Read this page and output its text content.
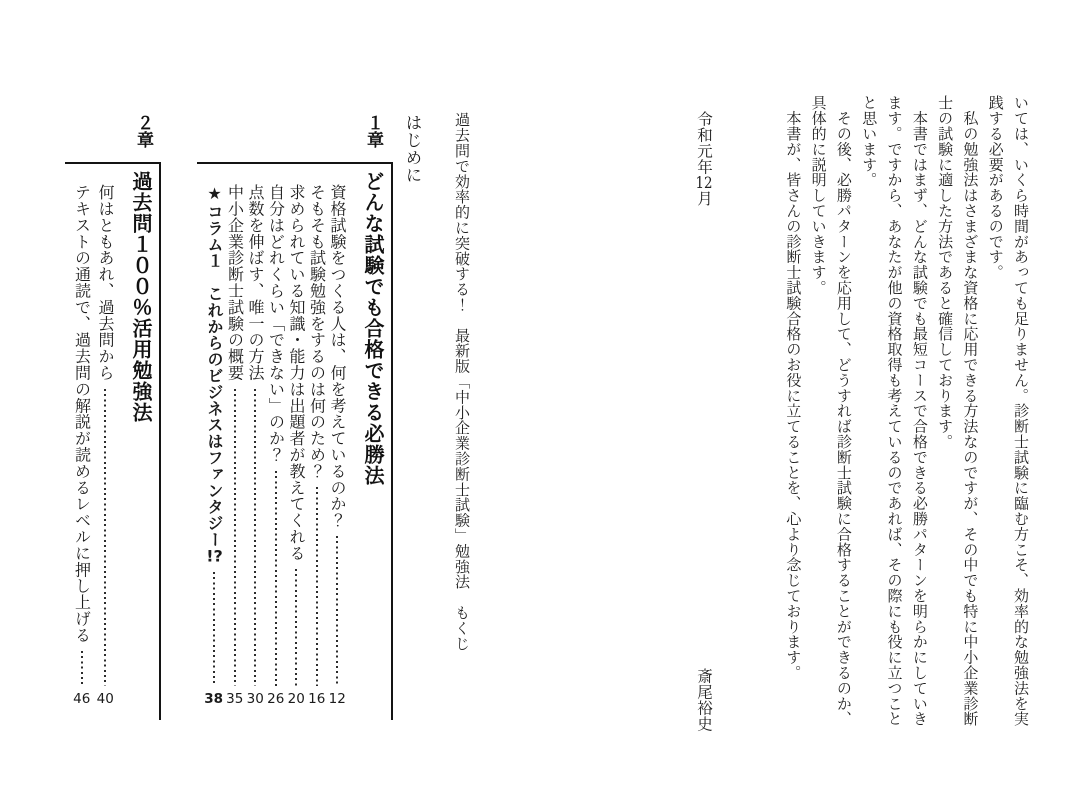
いては、いくら時間があっても足りません。診断士試験に臨む方こそ、効率的な勉強法を実
践する必要があるのです。
　私の勉強法はさまざまな資格に応用できる方法なのですが、その中でも特に中小企業診断
士の試験に適した方法であると確信しております。
　本書ではまず、どんな試験でも最短コースで合格できる必勝パターンを明らかにしていき
ます。ですから、あなたが他の資格取得も考えているのであれば、その際にも役に立つこと
と思います。
　その後、必勝パターンを応用して、どうすれば診断士試験に合格することができるのか、
具体的に説明していきます。
　本書が、皆さんの診断士試験合格のお役に立てることを、心より念じております。
　令和元年12月
斎尾裕史
過去問で効率的に突破する！　最新版「中小企業診断士試験」勉強法　もくじ
はじめに
１章
どんな試験でも合格できる必勝法
資格試験をつくる人は、何を考えているのか？
12
そもそも試験勉強をするのは何のため？
16
求められている知識・能力は出題者が教えてくれる
20
自分はどれくらい「できない」のか？
26
点数を伸ばす、唯一の方法
30
中小企業診断士試験の概要
35
★コラム１　これからのビジネスはファンタジー!?
38
２章
過去問１００％活用勉強法
何はともあれ、過去問から
40
テキストの通読で、過去問の解説が読めるレベルに押し上げる
46
